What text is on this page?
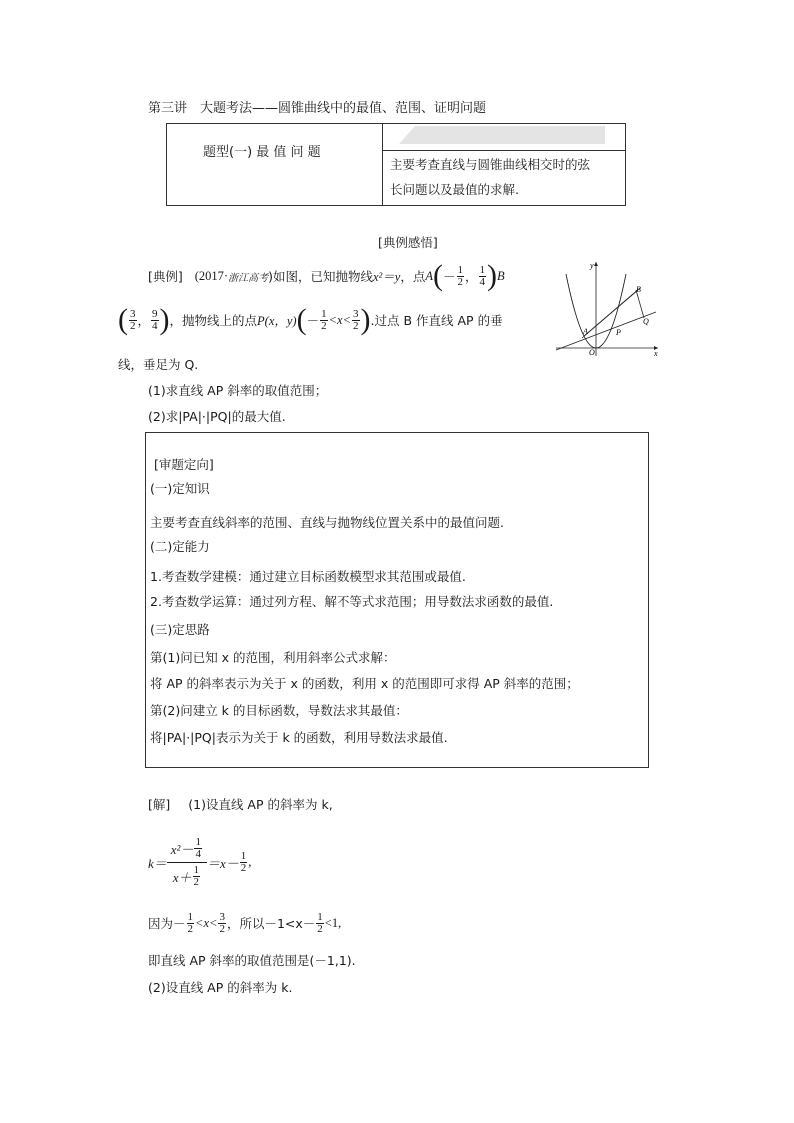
第三讲　大题考法——圆锥曲线中的最值、范围、证明问题
题型(一) 最 值 问 题
主要考查直线与圆锥曲线相交时的弦
长问题以及最值的求解.
[典例感悟]
[典例] (2017· 浙江高考 )如图，已知抛物线 x²＝y ，点 A ( － $\frac{1}{2}$ ， $\frac{1}{4}$ ) B
( $\frac{3}{2}$ ， $\frac{9}{4}$ ) ，抛物线上的点 P(x，y) ( － $\frac{1}{2} <x< \frac{3}{2}$ ) .过点 B 作直线 AP 的垂
线，垂足为 Q.
(1)求直线 AP 斜率的取值范围；
(2)求|PA|·|PQ|的最大值.
y
x
O
A
B
P
Q
[审题定向]
(一)定知识
主要考查直线斜率的范围、直线与抛物线位置关系中的最值问题.
(二)定能力
1.考查数学建模：通过建立目标函数模型求其范围或最值.
2.考查数学运算：通过列方程、解不等式求范围；用导数法求函数的最值.
(三)定思路
第(1)问已知 x 的范围，利用斜率公式求解：
将 AP 的斜率表示为关于 x 的函数，利用 x 的范围即可求得 AP 斜率的范围；
第(2)问建立 k 的目标函数，导数法求其最值：
将|PA|·|PQ|表示为关于 k 的函数，利用导数法求最值.
[解] (1)设直线 AP 的斜率为 k,
k＝
$x^2- \frac{1}{4}$
$x+ \frac{1}{2}$
$=x- \frac{1}{2}$ ,
因为 － $\frac{1}{2} <x< \frac{3}{2}$ ，所以$-1<x- \frac{1}{2} <1$,
即直线 AP 斜率的取值范围是(－1,1).
(2)设直线 AP 的斜率为 k.
